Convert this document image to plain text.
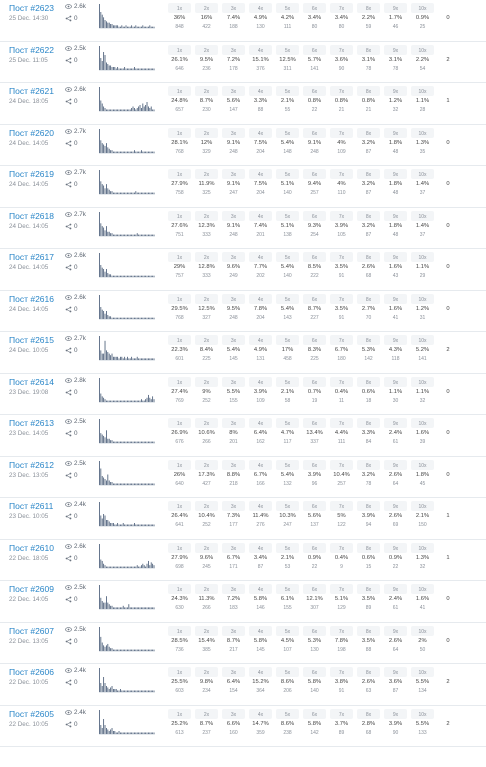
Пост #2623
25 Dec. 14:30
2.6k
0
1x
36%
848
2x
16%
422
3x
7.4%
188
4x
4.9%
130
5x
4.2%
111
6x
3.4%
80
7x
3.4%
80
8x
2.2%
59
9x
1.7%
46
10x
0.9%
25
0
Пост #2622
25 Dec. 11:05
2.5k
0
1x
26.1%
646
2x
9.5%
236
3x
7.2%
178
4x
15.1%
376
5x
12.5%
311
6x
5.7%
141
7x
3.6%
90
8x
3.1%
78
9x
3.1%
78
10x
2.2%
54
2
Пост #2621
24 Dec. 18:05
2.6k
0
1x
24.8%
657
2x
8.7%
230
3x
5.6%
147
4x
3.3%
88
5x
2.1%
55
6x
0.8%
22
7x
0.8%
21
8x
0.8%
21
9x
1.2%
32
10x
1.1%
28
1
Пост #2620
24 Dec. 14:05
2.7k
0
1x
28.1%
768
2x
12%
329
3x
9.1%
248
4x
7.5%
204
5x
5.4%
148
6x
9.1%
248
7x
4%
109
8x
3.2%
87
9x
1.8%
48
10x
1.3%
35
0
Пост #2619
24 Dec. 14:05
2.7k
0
1x
27.9%
758
2x
11.9%
325
3x
9.1%
247
4x
7.5%
204
5x
5.1%
140
6x
9.4%
257
7x
4%
110
8x
3.2%
87
9x
1.8%
48
10x
1.4%
37
0
Пост #2618
24 Dec. 14:05
2.7k
0
1x
27.6%
751
2x
12.3%
333
3x
9.1%
248
4x
7.4%
201
5x
5.1%
138
6x
9.3%
254
7x
3.9%
105
8x
3.2%
87
9x
1.8%
48
10x
1.4%
37
0
Пост #2617
24 Dec. 14:05
2.6k
0
1x
29%
757
2x
12.8%
333
3x
9.6%
249
4x
7.7%
202
5x
5.4%
140
6x
8.5%
222
7x
3.5%
91
8x
2.6%
68
9x
1.6%
43
10x
1.1%
29
0
Пост #2616
24 Dec. 14:05
2.6k
0
1x
29.5%
768
2x
12.5%
327
3x
9.5%
248
4x
7.8%
204
5x
5.4%
143
6x
8.7%
227
7x
3.5%
91
8x
2.7%
70
9x
1.6%
41
10x
1.2%
31
0
Пост #2615
24 Dec. 10:05
2.7k
0
1x
22.3%
601
2x
8.4%
225
3x
5.4%
145
4x
4.9%
131
5x
17%
458
6x
8.3%
225
7x
6.7%
180
8x
5.3%
142
9x
4.3%
118
10x
5.2%
141
2
Пост #2614
23 Dec. 19:08
2.8k
0
1x
27.4%
769
2x
9%
252
3x
5.5%
155
4x
3.9%
109
5x
2.1%
58
6x
0.7%
19
7x
0.4%
11
8x
0.6%
18
9x
1.1%
30
10x
1.1%
32
0
Пост #2613
23 Dec. 14:05
2.5k
0
1x
26.9%
676
2x
10.6%
266
3x
8%
201
4x
6.4%
162
5x
4.7%
117
6x
13.4%
337
7x
4.4%
111
8x
3.3%
84
9x
2.4%
61
10x
1.6%
39
0
Пост #2612
23 Dec. 13:05
2.5k
0
1x
26%
640
2x
17.3%
427
3x
8.8%
218
4x
6.7%
166
5x
5.4%
132
6x
3.9%
96
7x
10.4%
257
8x
3.2%
78
9x
2.6%
64
10x
1.8%
45
0
Пост #2611
23 Dec. 10:05
2.4k
0
1x
26.4%
641
2x
10.4%
252
3x
7.3%
177
4x
11.4%
276
5x
10.3%
247
6x
5.6%
137
7x
5%
122
8x
3.9%
94
9x
2.6%
69
10x
2.1%
150
1
Пост #2610
22 Dec. 18:05
2.6k
0
1x
27.9%
698
2x
9.6%
245
3x
6.7%
171
4x
3.4%
87
5x
2.1%
53
6x
0.9%
22
7x
0.4%
9
8x
0.6%
15
9x
0.9%
22
10x
1.3%
32
1
Пост #2609
22 Dec. 14:05
2.5k
0
1x
24.3%
630
2x
11.3%
266
3x
7.2%
183
4x
5.8%
146
5x
6.1%
155
6x
12.1%
307
7x
5.1%
129
8x
3.5%
89
9x
2.4%
61
10x
1.6%
41
0
Пост #2607
22 Dec. 13:05
2.5k
0
1x
28.5%
736
2x
15.4%
385
3x
8.7%
217
4x
5.8%
145
5x
4.5%
107
6x
5.3%
130
7x
7.8%
198
8x
3.5%
88
9x
2.6%
64
10x
2%
50
0
Пост #2606
22 Dec. 10:05
2.4k
0
1x
25.5%
603
2x
9.8%
234
3x
6.4%
154
4x
15.2%
364
5x
8.6%
206
6x
5.8%
140
7x
3.8%
91
8x
2.6%
63
9x
3.6%
87
10x
5.5%
134
2
Пост #2605
22 Dec. 10:05
2.4k
0
1x
25.2%
613
2x
8.7%
237
3x
6.6%
160
4x
14.7%
359
5x
8.6%
238
6x
5.8%
142
7x
3.7%
89
8x
2.8%
68
9x
3.9%
90
10x
5.5%
133
2
